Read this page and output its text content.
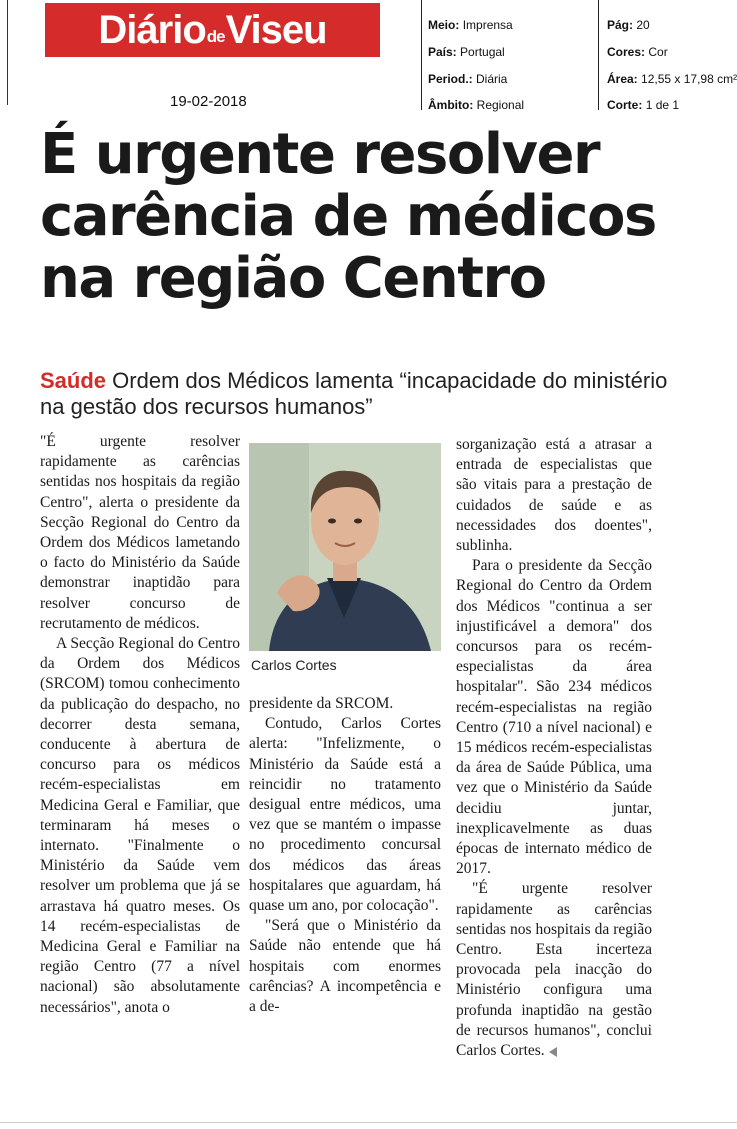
Diário de Viseu
19-02-2018
Meio: Imprensa
País: Portugal
Period.: Diária
Âmbito: Regional
Pág: 20
Cores: Cor
Área: 12,55 x 17,98 cm²
Corte: 1 de 1
É urgente resolver
carência de médicos
na região Centro
Saúde Ordem dos Médicos lamenta “incapacidade do ministério na gestão dos recursos humanos”

"É urgente resolver rapidamente as carências sentidas nos hospitais da região Centro", alerta o presidente da Secção Regional do Centro da Ordem dos Médicos lametando o facto do Ministério da Saúde demonstrar inaptidão para resolver concurso de recrutamento de médicos.

A Secção Regional do Centro da Ordem dos Médicos (SRCOM) tomou conhecimento da publicação do despacho, no decorrer desta semana, conducente à abertura de concurso para os médicos recém-especialistas em Medicina Geral e Familiar, que terminaram há meses o internato. "Finalmente o Ministério da Saúde vem resolver um problema que já se arrastava há quatro meses. Os 14 recém-especialistas de Medicina Geral e Familiar na região Centro (77 a nível nacional) são absolutamente necessários", anota o

Carlos Cortes

presidente da SRCOM.

Contudo, Carlos Cortes alerta: "Infelizmente, o Ministério da Saúde está a reincidir no tratamento desigual entre médicos, uma vez que se mantém o impasse no procedimento concursal dos médicos das áreas hospitalares que aguardam, há quase um ano, por colocação".

"Será que o Ministério da Saúde não entende que há hospitais com enormes carências? A incompetência e a de-

sorganização está a atrasar a entrada de especialistas que são vitais para a prestação de cuidados de saúde e as necessidades dos doentes", sublinha.

Para o presidente da Secção Regional do Centro da Ordem dos Médicos "continua a ser injustificável a demora" dos concursos para os recém-especialistas da área hospitalar". São 234 médicos recém-especialistas na região Centro (710 a nível nacional) e 15 médicos recém-especialistas da área de Saúde Pública, uma vez que o Ministério da Saúde decidiu juntar, inexplicavelmente as duas épocas de internato médico de 2017.

"É urgente resolver rapidamente as carências sentidas nos hospitais da região Centro. Esta incerteza provocada pela inacção do Ministério configura uma profunda inaptidão na gestão de recursos humanos", conclui Carlos Cortes.
